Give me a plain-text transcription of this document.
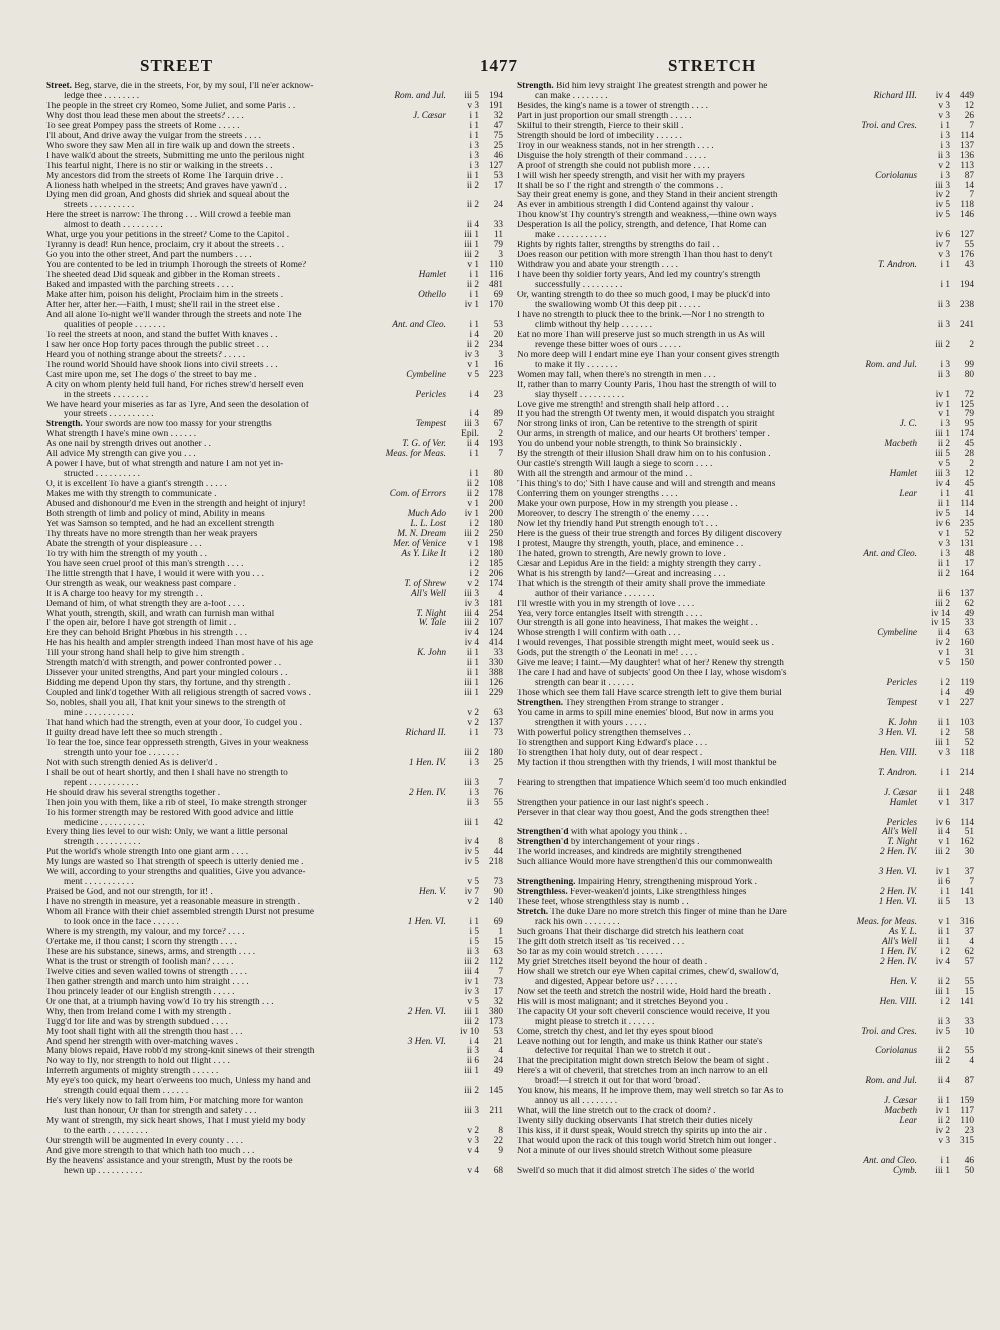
STREET	1477	STRETCH
Street. Beg, starve, die in the streets, For, by my soul, I'll ne'er acknow-
ledge thee . . . . . . . .	Rom. and Jul.	iii 5	194
The people in the street cry Romeo, Some Juliet, and some Paris . .	v 3	191
Why dost thou lead these men about the streets? . . . .	J. Cæsar	i 1	32
To see great Pompey pass the streets of Rome . . . . .	i 1	47
I'll about, And drive away the vulgar from the streets . . . .	i 1	75
Who swore they saw Men all in fire walk up and down the streets .	i 3	25
I have walk'd about the streets, Submitting me unto the perilous night	i 3	46
This fearful night, There is no stir or walking in the streets . .	i 3	127
My ancestors did from the streets of Rome The Tarquin drive . .	ii 1	53
A lioness hath whelped in the streets; And graves have yawn'd . .	ii 2	17
Dying men did groan, And ghosts did shriek and squeal about the
streets . . . . . . . . . .	ii 2	24
Here the street is narrow: The throng . . . Will crowd a feeble man
almost to death . . . . . . . . .	ii 4	33
What, urge you your petitions in the street? Come to the Capitol .	iii 1	11
Tyranny is dead! Run hence, proclaim, cry it about the streets . .	iii 1	79
Go you into the other street, And part the numbers . . . .	iii 2	3
You are contented to be led in triumph Thorough the streets of Rome?	v 1	110
The sheeted dead Did squeak and gibber in the Roman streets .	Hamlet	i 1	116
Baked and impasted with the parching streets . . . .	ii 2	481
Make after him, poison his delight, Proclaim him in the streets .	Othello	i 1	69
After her, after her.—Faith, I must; she'll rail in the street else .	iv 1	170
And all alone To-night we'll wander through the streets and note The
qualities of people . . . . . . .	Ant. and Cleo.	i 1	53
To reel the streets at noon, and stand the buffet With knaves . .	i 4	20
I saw her once Hop forty paces through the public street . . .	ii 2	234
Heard you of nothing strange about the streets? . . . . .	iv 3	3
The round world Should have shook lions into civil streets . . .	v 1	16
Cast mire upon me, set The dogs o' the street to bay me .	Cymbeline	v 5	223
A city on whom plenty held full hand, For riches strew'd herself even
in the streets . . . . . . . .	Pericles	i 4	23
We have heard your miseries as far as Tyre, And seen the desolation of
your streets . . . . . . . . . .	i 4	89
Strength. Your swords are now too massy for your strengths	Tempest	iii 3	67
What strength I have's mine own . . . . . .	Epil.	2
As one nail by strength drives out another . .	T. G. of Ver.	ii 4	193
All advice My strength can give you . . .	Meas. for Meas.	i 1	7
A power I have, but of what strength and nature I am not yet in-
structed . . . . . . . . . .	i 1	80
O, it is excellent To have a giant's strength . . . . .	ii 2	108
Makes me with thy strength to communicate .	Com. of Errors	ii 2	178
Abused and dishonour'd me Even in the strength and height of injury!	v 1	200
Both strength of limb and policy of mind, Ability in means	Much Ado	iv 1	200
Yet was Samson so tempted, and he had an excellent strength	L. L. Lost	i 2	180
Thy threats have no more strength than her weak prayers	M. N. Dream	iii 2	250
Abate the strength of your displeasure . . .	Mer. of Venice	v 1	198
To try with him the strength of my youth . .	As Y. Like It	i 2	180
You have seen cruel proof of this man's strength . . . .	i 2	185
The little strength that I have, I would it were with you . . .	i 2	206
Our strength as weak, our weakness past compare .	T. of Shrew	v 2	174
It is A charge too heavy for my strength . .	All's Well	iii 3	4
Demand of him, of what strength they are a-foot . . . .	iv 3	181
What youth, strength, skill, and wrath can furnish man withal	T. Night	iii 4	254
I' the open air, before I have got strength of limit . .	W. Tale	iii 2	107
Ere they can behold Bright Phœbus in his strength . . .	iv 4	124
He has his health and ampler strength indeed Than most have of his age	iv 4	414
Till your strong hand shall help to give him strength .	K. John	ii 1	33
Strength match'd with strength, and power confronted power . .	ii 1	330
Dissever your united strengths, And part your mingled colours . .	ii 1	388
Bidding me depend Upon thy stars, thy fortune, and thy strength .	iii 1	126
Coupled and link'd together With all religious strength of sacred vows .	iii 1	229
So, nobles, shall you all, That knit your sinews to the strength of
mine . . . . . . . . . . .	v 2	63
That hand which had the strength, even at your door, To cudgel you .	v 2	137
If guilty dread have left thee so much strength .	Richard II.	i 1	73
To fear the foe, since fear oppresseth strength, Gives in your weakness
strength unto your foe . . . . . . .	iii 2	180
Not with such strength denied As is deliver'd .	1 Hen. IV.	i 3	25
I shall be out of heart shortly, and then I shall have no strength to
repent . . . . . . . . . . .	iii 3	7
He should draw his several strengths together .	2 Hen. IV.	i 3	76
Then join you with them, like a rib of steel, To make strength stronger	ii 3	55
To his former strength may be restored With good advice and little
medicine . . . . . . . . . .	iii 1	42
Every thing lies level to our wish: Only, we want a little personal
strength . . . . . . . . . .	iv 4	8
Put the world's whole strength Into one giant arm . . . .	iv 5	44
My lungs are wasted so That strength of speech is utterly denied me .	iv 5	218
We will, according to your strengths and qualities, Give you advance-
ment . . . . . . . . . . .	v 5	73
Praised be God, and not our strength, for it! .	Hen. V.	iv 7	90
I have no strength in measure, yet a reasonable measure in strength .	v 2	140
Whom all France with their chief assembled strength Durst not presume
to look once in the face . . . . . .	1 Hen. VI.	i 1	69
Where is my strength, my valour, and my force? . . . .	i 5	1
O'ertake me, if thou canst; I scorn thy strength . . . .	i 5	15
These are his substance, sinews, arms, and strength . . . .	ii 3	63
What is the trust or strength of foolish man? . . . . .	iii 2	112
Twelve cities and seven walled towns of strength . . . .	iii 4	7
Then gather strength and march unto him straight . . . .	iv 1	73
Thou princely leader of our English strength . . . . .	iv 3	17
Or one that, at a triumph having vow'd To try his strength . . .	v 5	32
Why, then from Ireland come I with my strength .	2 Hen. VI.	iii 1	380
Tugg'd for life and was by strength subdued . . . .	iii 2	173
My foot shall fight with all the strength thou hast . . .	iv 10	53
And spend her strength with over-matching waves .	3 Hen. VI.	i 4	21
Many blows repaid, Have robb'd my strong-knit sinews of their strength	ii 3	4
No way to fly, nor strength to hold out flight . . . .	ii 6	24
Inferreth arguments of mighty strength . . . . . .	iii 1	49
My eye's too quick, my heart o'erweens too much, Unless my hand and
strength could equal them . . . . . .	iii 2	145
He's very likely now to fall from him, For matching more for wanton
lust than honour, Or than for strength and safety . . .	iii 3	211
My want of strength, my sick heart shows, That I must yield my body
to the earth . . . . . . . . .	v 2	8
Our strength will be augmented In every county . . . .	v 3	22
And give more strength to that which hath too much . . .	v 4	9
By the heavens' assistance and your strength, Must by the roots be
hewn up . . . . . . . . . .	v 4	68
Strength. Bid him levy straight The greatest strength and power he
can make . . . . . . . .	Richard III.	iv 4	449
Besides, the king's name is a tower of strength . . . .	v 3	12
Part in just proportion our small strength . . . . .	v 3	26
Skilful to their strength, Fierce to their skill .	Troi. and Cres.	i 1	7
Strength should be lord of imbecility . . . . . .	i 3	114
Troy in our weakness stands, not in her strength . . . .	i 3	137
Disguise the holy strength of their command . . . . .	ii 3	136
A proof of strength she could not publish more . . . .	v 2	113
I will wish her speedy strength, and visit her with my prayers	Coriolanus	i 3	87
It shall be so I' the right and strength o' the commons . .	iii 3	14
Say their great enemy is gone, and they Stand in their ancient strength	iv 2	7
As ever in ambitious strength I did Contend against thy valour .	iv 5	118
Thou know'st Thy country's strength and weakness,—thine own ways	iv 5	146
Desperation Is all the policy, strength, and defence, That Rome can
make . . . . . . . . . . .	iv 6	127
Rights by rights falter, strengths by strengths do fail . .	iv 7	55
Does reason our petition with more strength Than thou hast to deny't	v 3	176
Withdraw you and abate your strength . . . .	T. Andron.	i 1	43
I have been thy soldier forty years, And led my country's strength
successfully . . . . . . . . .	i 1	194
Or, wanting strength to do thee so much good, I may be pluck'd into
the swallowing womb Of this deep pit . . . . .	ii 3	238
I have no strength to pluck thee to the brink.—Nor I no strength to
climb without thy help . . . . . . .	ii 3	241
Eat no more Than will preserve just so much strength in us As will
revenge these bitter woes of ours . . . . .	iii 2	2
No more deep will I endart mine eye Than your consent gives strength
to make it fly . . . . . . .	Rom. and Jul.	i 3	99
Women may fall, when there's no strength in men . . .	ii 3	80
If, rather than to marry County Paris, Thou hast the strength of will to
slay thyself . . . . . . . . . .	iv 1	72
Love give me strength! and strength shall help afford . . .	iv 1	125
If you had the strength Of twenty men, it would dispatch you straight	v 1	79
Nor strong links of iron, Can be retentive to the strength of spirit	J. C.	i 3	95
Our arms, in strength of malice, and our hearts Of brothers' temper .	iii 1	174
You do unbend your noble strength, to think So brainsickly .	Macbeth	ii 2	45
By the strength of their illusion Shall draw him on to his confusion .	iii 5	28
Our castle's strength Will laugh a siege to scorn . . . .	v 5	2
With all the strength and armour of the mind . .	Hamlet	iii 3	12
'This thing's to do;' Sith I have cause and will and strength and means	iv 4	45
Conferring them on younger strengths . . . .	Lear	i 1	41
Make your own purpose, How in my strength you please . .	ii 1	114
Moreover, to descry The strength o' the enemy . . . .	iv 5	14
Now let thy friendly hand Put strength enough to't . . .	iv 6	235
Here is the guess of their true strength and forces By diligent discovery	v 1	52
I protest, Maugre thy strength, youth, place, and eminence . .	v 3	131
The hated, grown to strength, Are newly grown to love .	Ant. and Cleo.	i 3	48
Cæsar and Lepidus Are in the field: a mighty strength they carry .	ii 1	17
What is his strength by land?—Great and increasing . . .	ii 2	164
That which is the strength of their amity shall prove the immediate
author of their variance . . . . . . .	ii 6	137
I'll wrestle with you in my strength of love . . . .	iii 2	62
Yea, very force entangles Itself with strength . . . .	iv 14	49
Our strength is all gone into heaviness, That makes the weight . .	iv 15	33
Whose strength I will confirm with oath . . .	Cymbeline	ii 4	63
I would revenges, That possible strength might meet, would seek us .	iv 2	160
Gods, put the strength o' the Leonati in me! . . . .	v 1	31
Give me leave; I faint.—My daughter! what of her? Renew thy strength	v 5	150
The care I had and have of subjects' good On thee I lay, whose wisdom's
strength can bear it . . . . . .	Pericles	i 2	119
Those which see them fall Have scarce strength left to give them burial	i 4	49
Strengthen. They strengthen From strange to stranger .	Tempest	v 1	227
You came in arms to spill mine enemies' blood, But now in arms you
strengthen it with yours . . . . .	K. John	ii 1	103
With powerful policy strengthen themselves . .	3 Hen. VI.	i 2	58
To strengthen and support King Edward's place . . .	iii 1	52
To strengthen That holy duty, out of dear respect .	Hen. VIII.	v 3	118
My faction if thou strengthen with thy friends, I will most thankful be
T. Andron.	i 1	214
Fearing to strengthen that impatience Which seem'd too much enkindled
J. Cæsar	ii 1	248
Strengthen your patience in our last night's speech .	Hamlet	v 1	317
Persever in that clear way thou goest, And the gods strengthen thee!
Pericles	iv 6	114
Strengthen'd with what apology you think . .	All's Well	ii 4	51
Strengthen'd by interchangement of your rings .	T. Night	v 1	162
The world increases, and kindreds are mightily strengthened	2 Hen. IV.	iii 2	30
Such alliance Would more have strengthen'd this our commonwealth
3 Hen. VI.	iv 1	37
Strengthening. Impairing Henry, strengthening misproud York .	ii 6	7
Strengthless. Fever-weaken'd joints, Like strengthless hinges	2 Hen. IV.	i 1	141
These feet, whose strengthless stay is numb . .	1 Hen. VI.	ii 5	13
Stretch. The duke Dare no more stretch this finger of mine than he Dare
rack his own . . . . . . . .	Meas. for Meas.	v 1	316
Such groans That their discharge did stretch his leathern coat	As Y. L.	ii 1	37
The gift doth stretch itself as 'tis received . . .	All's Well	ii 1	4
So far as my coin would stretch . . . . . .	1 Hen. IV.	i 2	62
My grief Stretches itself beyond the hour of death .	2 Hen. IV.	iv 4	57
How shall we stretch our eye When capital crimes, chew'd, swallow'd,
and digested, Appear before us? . . . . .	Hen. V.	ii 2	55
Now set the teeth and stretch the nostril wide, Hold hard the breath .	iii 1	15
His will is most malignant; and it stretches Beyond you .	Hen. VIII.	i 2	141
The capacity Of your soft cheveril conscience would receive, If you
might please to stretch it . . . . . .	ii 3	33
Come, stretch thy chest, and let thy eyes spout blood	Troi. and Cres.	iv 5	10
Leave nothing out for length, and make us think Rather our state's
defective for requital Than we to stretch it out .	Coriolanus	ii 2	55
That the precipitation might down stretch Below the beam of sight .	iii 2	4
Here's a wit of cheveril, that stretches from an inch narrow to an ell
broad!—I stretch it out for that word 'broad'.	Rom. and Jul.	ii 4	87
You know, his means, If he improve them, may well stretch so far As to
annoy us all . . . . . . . .	J. Cæsar	ii 1	159
What, will the line stretch out to the crack of doom? .	Macbeth	iv 1	117
Twenty silly ducking observants That stretch their duties nicely	Lear	ii 2	110
This kiss, if it durst speak, Would stretch thy spirits up into the air .	iv 2	23
That would upon the rack of this tough world Stretch him out longer .	v 3	315
Not a minute of our lives should stretch Without some pleasure
Ant. and Cleo.	i 1	46
Swell'd so much that it did almost stretch The sides o' the world	Cymb.	iii 1	50
